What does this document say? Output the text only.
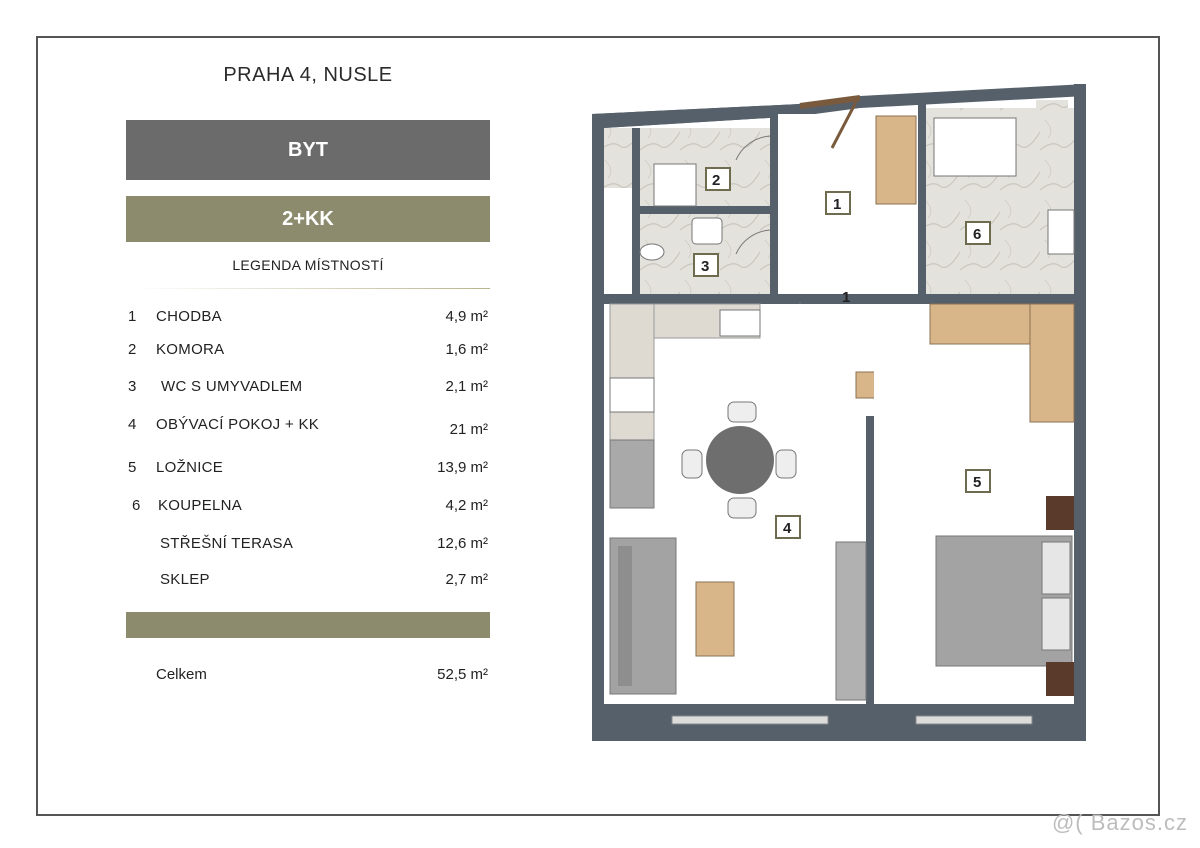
PRAHA 4, NUSLE
BYT
2+KK
LEGENDA MÍSTNOSTÍ
1 CHODBA	4,9 m²
2 KOMORA	1,6 m²
3 WC S UMYVADLEM	2,1 m²
4 OBÝVACÍ POKOJ + KK	21 m²
5 LOŽNICE	13,9 m²
6 KOUPELNA	4,2 m²
STŘEŠNÍ TERASA	12,6 m²
SKLEP	2,7 m²
Celkem	52,5 m²
2
3
1
6
4
5
1
@( Bazos.cz
